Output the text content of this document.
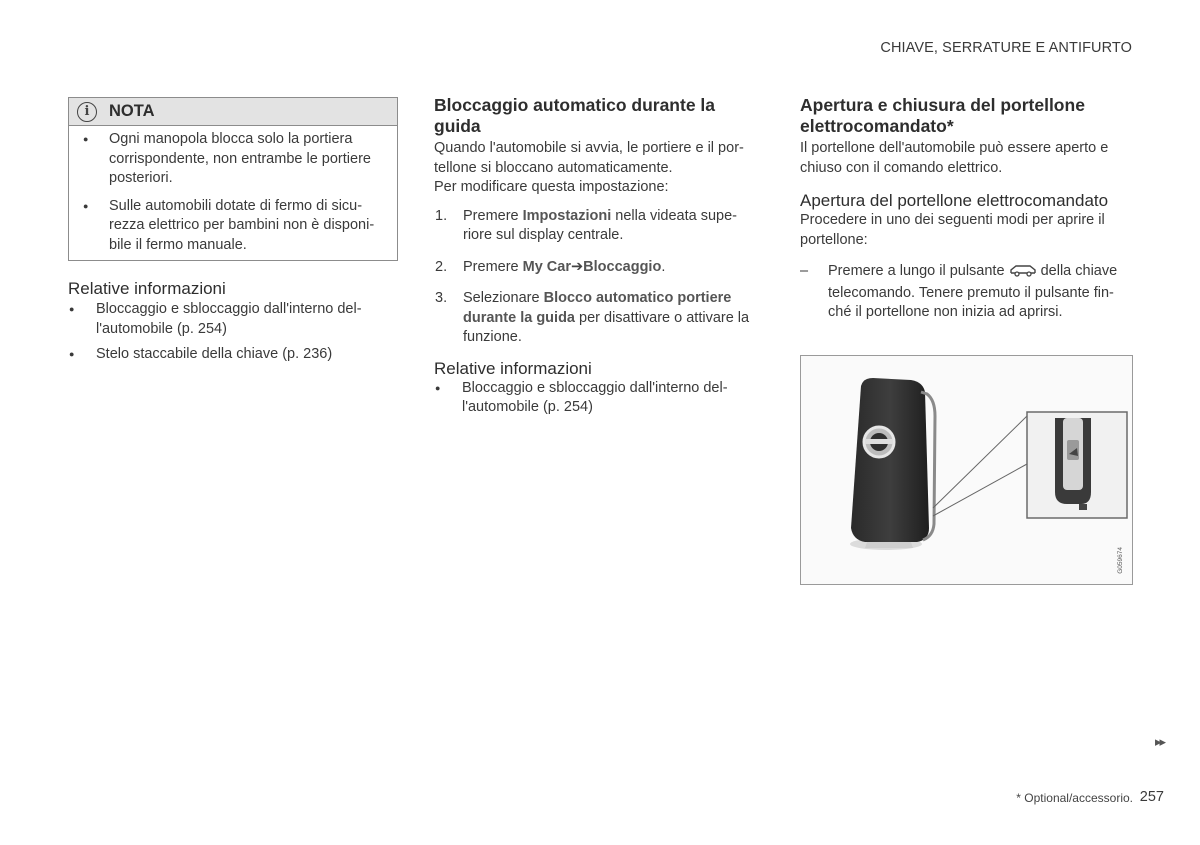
CHIAVE, SERRATURE E ANTIFURTO
i	NOTA
● Ogni manopola blocca solo la portiera corrispondente, non entrambe le portiere posteriori.
● Sulle automobili dotate di fermo di sicu- rezza elettrico per bambini non è disponi- bile il fermo manuale.
Relative informazioni
● Bloccaggio e sbloccaggio dall'interno del- l'automobile (p. 254)
● Stelo staccabile della chiave (p. 236)
Bloccaggio automatico durante la guida

Quando l'automobile si avvia, le portiere e il por- tellone si bloccano automaticamente.

Per modificare questa impostazione:

1. Premere Impostazioni nella videata supe- riore sul display centrale.
2. Premere My Car➔Bloccaggio.
3. Selezionare Blocco automatico portiere durante la guida per disattivare o attivare la funzione.
Relative informazioni
● Bloccaggio e sbloccaggio dall'interno del- l'automobile (p. 254)
Apertura e chiusura del portellone elettrocomandato*

Il portellone dell'automobile può essere aperto e chiuso con il comando elettrico.

Apertura del portellone elettrocomandato

Procedere in uno dei seguenti modi per aprire il portellone:

– Premere a lungo il pulsante  della chiave telecomando. Tenere premuto il pulsante fin- ché il portellone non inizia ad aprirsi.
G059674
▸▸
* Optional/accessorio. 257
